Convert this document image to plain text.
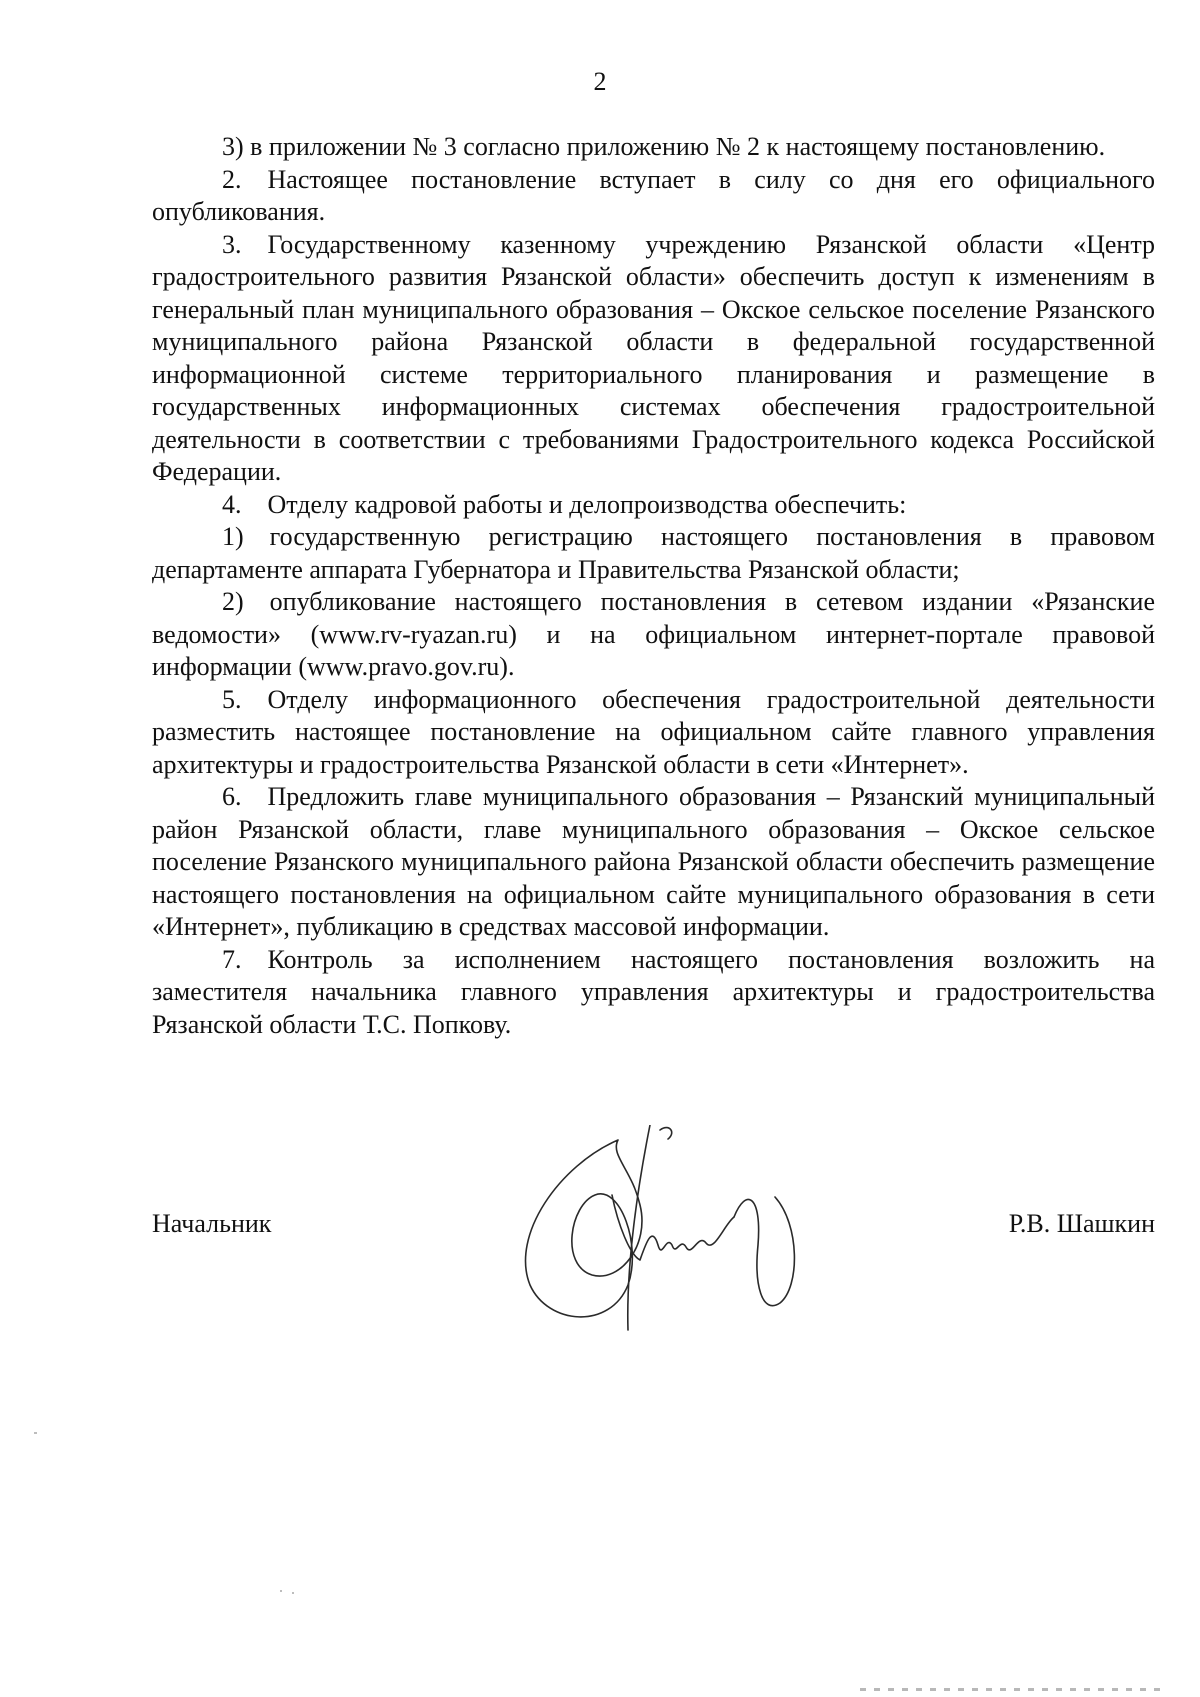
2

3) в приложении № 3 согласно приложению № 2 к настоящему постановлению.

2. Настоящее постановление вступает в силу со дня его официального опубликования.

3. Государственному казенному учреждению Рязанской области «Центр градостроительного развития Рязанской области» обеспечить доступ к изменениям в генеральный план муниципального образования – Окское сельское поселение Рязанского муниципального района Рязанской области в федеральной государственной информационной системе территориального планирования и размещение в государственных информационных системах обеспечения градостроительной деятельности в соответствии с требованиями Градостроительного кодекса Российской Федерации.

4. Отделу кадровой работы и делопроизводства обеспечить:

1) государственную регистрацию настоящего постановления в правовом департаменте аппарата Губернатора и Правительства Рязанской области;

2) опубликование настоящего постановления в сетевом издании «Рязанские ведомости» (www.rv-ryazan.ru) и на официальном интернет-портале правовой информации (www.pravo.gov.ru).

5. Отделу информационного обеспечения градостроительной деятельности разместить настоящее постановление на официальном сайте главного управления архитектуры и градостроительства Рязанской области в сети «Интернет».

6. Предложить главе муниципального образования – Рязанский муниципальный район Рязанской области, главе муниципального образования – Окское сельское поселение Рязанского муниципального района Рязанской области обеспечить размещение настоящего постановления на официальном сайте муниципального образования в сети «Интернет», публикацию в средствах массовой информации.

7. Контроль за исполнением настоящего постановления возложить на заместителя начальника главного управления архитектуры и градостроительства Рязанской области Т.С. Попкову.

Начальник	Р.В. Шашкин
